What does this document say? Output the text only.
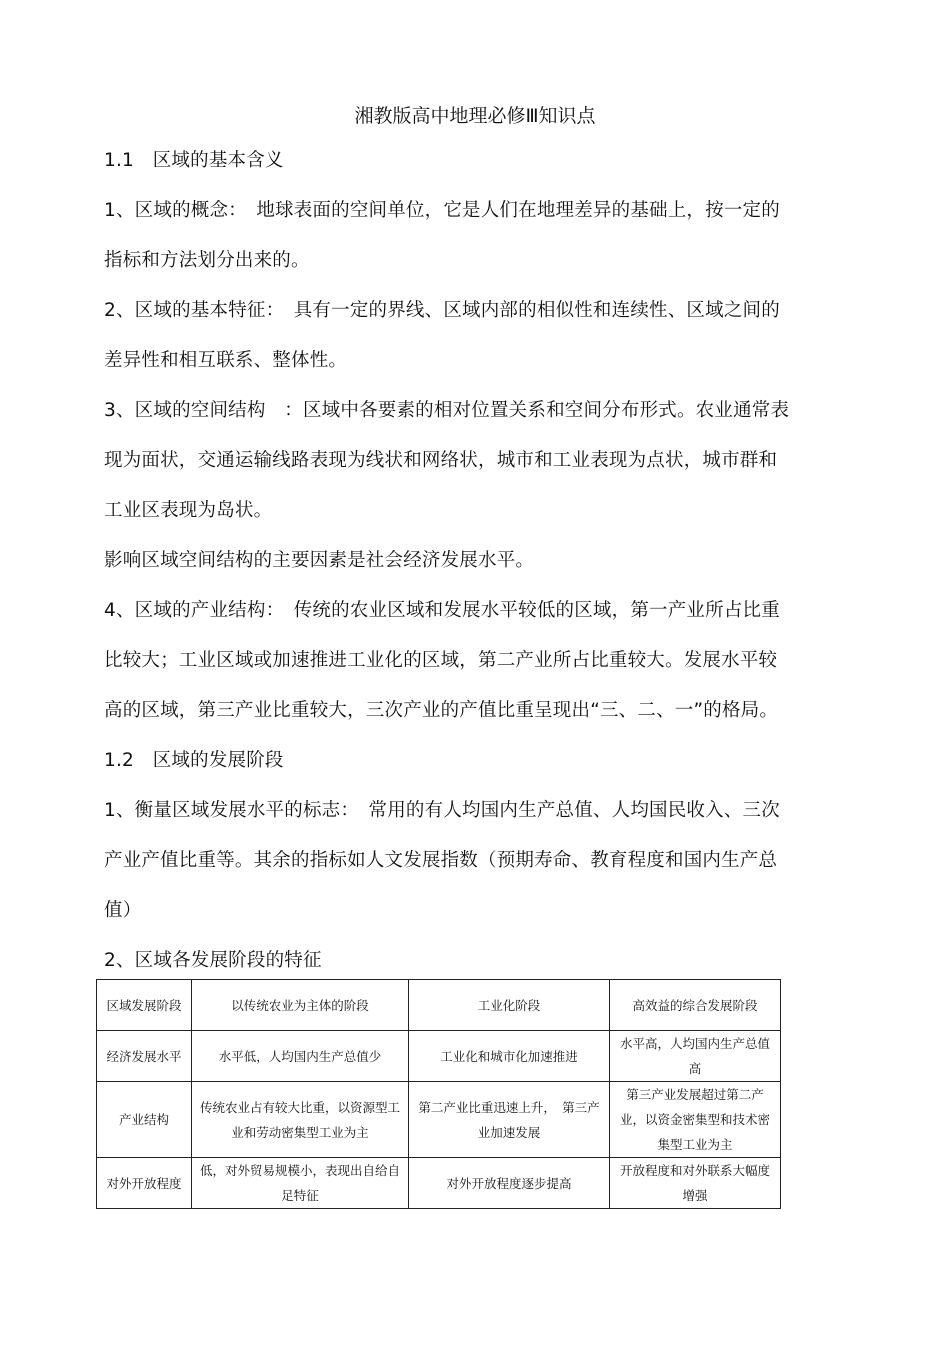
湘教版高中地理必修Ⅲ知识点
1.1　区域的基本含义
1、区域的概念：　地球表面的空间单位，它是人们在地理差异的基础上，按一定的
指标和方法划分出来的。
2、区域的基本特征：　具有一定的界线、区域内部的相似性和连续性、区域之间的
差异性和相互联系、整体性。
3、区域的空间结构　：区域中各要素的相对位置关系和空间分布形式。农业通常表
现为面状，交通运输线路表现为线状和网络状，城市和工业表现为点状，城市群和
工业区表现为岛状。
影响区域空间结构的主要因素是社会经济发展水平。
4、区域的产业结构：　传统的农业区域和发展水平较低的区域，第一产业所占比重
比较大；工业区域或加速推进工业化的区域，第二产业所占比重较大。发展水平较
高的区域，第三产业比重较大，三次产业的产值比重呈现出“三、二、一”的格局。
1.2　区域的发展阶段
1、衡量区域发展水平的标志：　常用的有人均国内生产总值、人均国民收入、三次
产业产值比重等。其余的指标如人文发展指数（预期寿命、教育程度和国内生产总
值）
2、区域各发展阶段的特征
区域发展阶段	以传统农业为主体的阶段	工业化阶段	高效益的综合发展阶段
经济发展水平	水平低，人均国内生产总值少	工业化和城市化加速推进	水平高，人均国内生产总值高
产业结构	传统农业占有较大比重，以资源型工业和劳动密集型工业为主	第二产业比重迅速上升，　第三产业加速发展	第三产业发展超过第二产业，以资金密集型和技术密集型工业为主
对外开放程度	低，对外贸易规模小，表现出自给自足特征	对外开放程度逐步提高	开放程度和对外联系大幅度增强
